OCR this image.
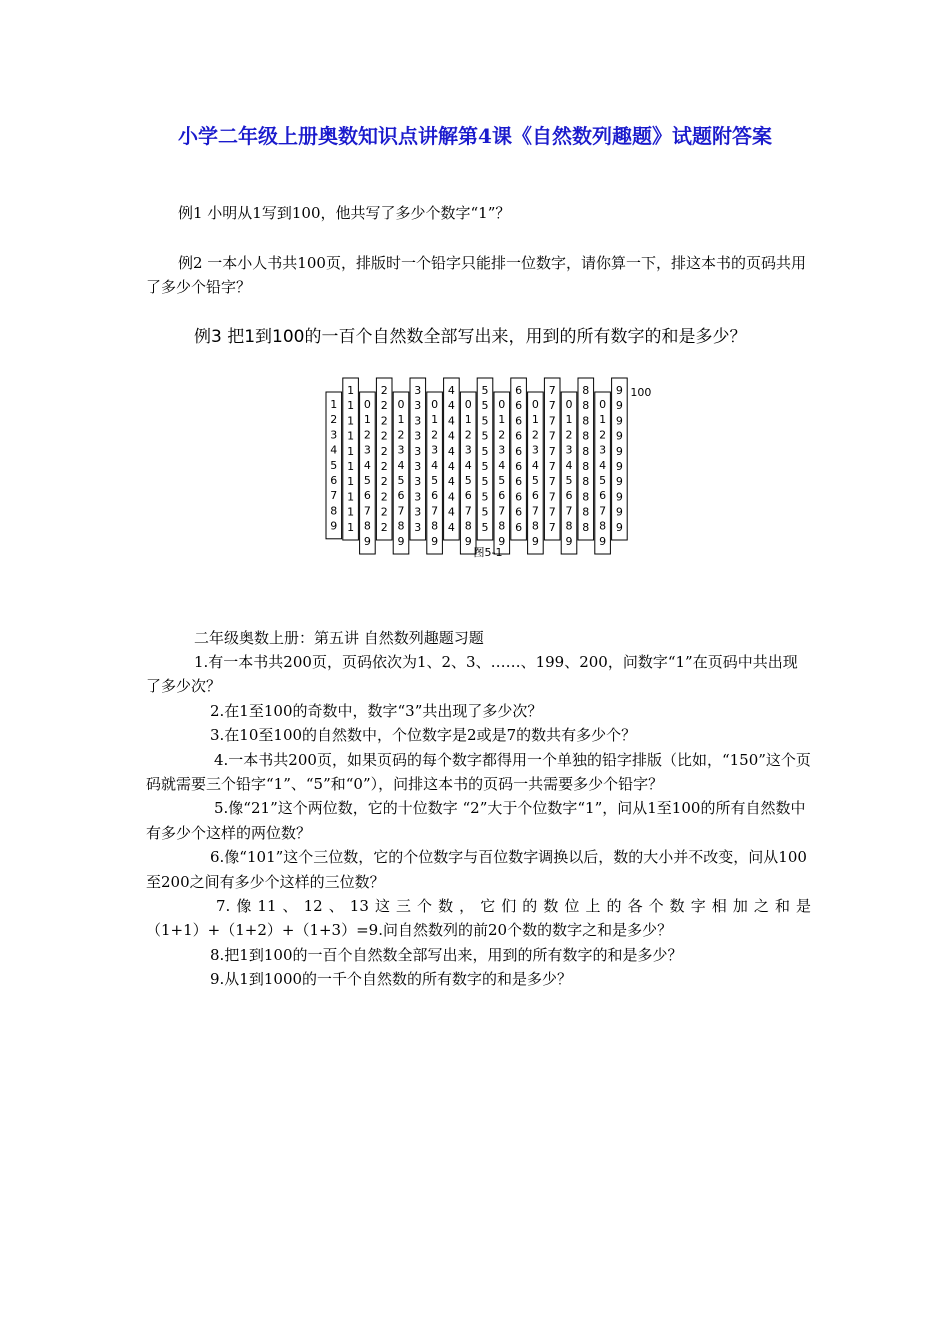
小学二年级上册奥数知识点讲解第4课《自然数列趣题》试题附答案
例1 小明从1写到100，他共写了多少个数字“1”？
例2 一本小人书共100页，排版时一个铅字只能排一位数字，请你算一下，排这本书的页码共用了多少个铅字？
例3 把1到100的一百个自然数全部写出来，用到的所有数字的和是多少？
1
2
3
4
5
6
7
8
9
1
1
1
1
1
1
1
1
1
1
0
1
2
3
4
5
6
7
8
9
2
2
2
2
2
2
2
2
2
2
0
1
2
3
4
5
6
7
8
9
3
3
3
3
3
3
3
3
3
3
0
1
2
3
4
5
6
7
8
9
4
4
4
4
4
4
4
4
4
4
0
1
2
3
4
5
6
7
8
9
5
5
5
5
5
5
5
5
5
5
0
1
2
3
4
5
6
7
8
9
6
6
6
6
6
6
6
6
6
6
0
1
2
3
4
5
6
7
8
9
7
7
7
7
7
7
7
7
7
7
0
1
2
3
4
5
6
7
8
9
8
8
8
8
8
8
8
8
8
8
0
1
2
3
4
5
6
7
8
9
9
9
9
9
9
9
9
9
9
9
100
图5-1
二年级奥数上册：第五讲 自然数列趣题习题

1.有一本书共200页，页码依次为1、2、3、……、199、200，问数字“1”在页码中共出现了多少次？

2.在1至100的奇数中，数字“3”共出现了多少次？

3.在10至100的自然数中，个位数字是2或是7的数共有多少个？

4.一本书共200页，如果页码的每个数字都得用一个单独的铅字排版（比如，“150”这个页码就需要三个铅字“1”、“5”和“0”），问排这本书的页码一共需要多少个铅字？

5.像“21”这个两位数，它的十位数字 “2”大于个位数字“1”，问从1至100的所有自然数中有多少个这样的两位数？

6.像“101”这个三位数，它的个位数字与百位数字调换以后，数的大小并不改变，问从100至200之间有多少个这样的三位数？

7.像11、12、13这三个数，它们的数位上的各个数字相加之和是（1+1）+（1+2）+（1+3）=9.问自然数列的前20个数的数字之和是多少？

8.把1到100的一百个自然数全部写出来，用到的所有数字的和是多少？

9.从1到1000的一千个自然数的所有数字的和是多少？
